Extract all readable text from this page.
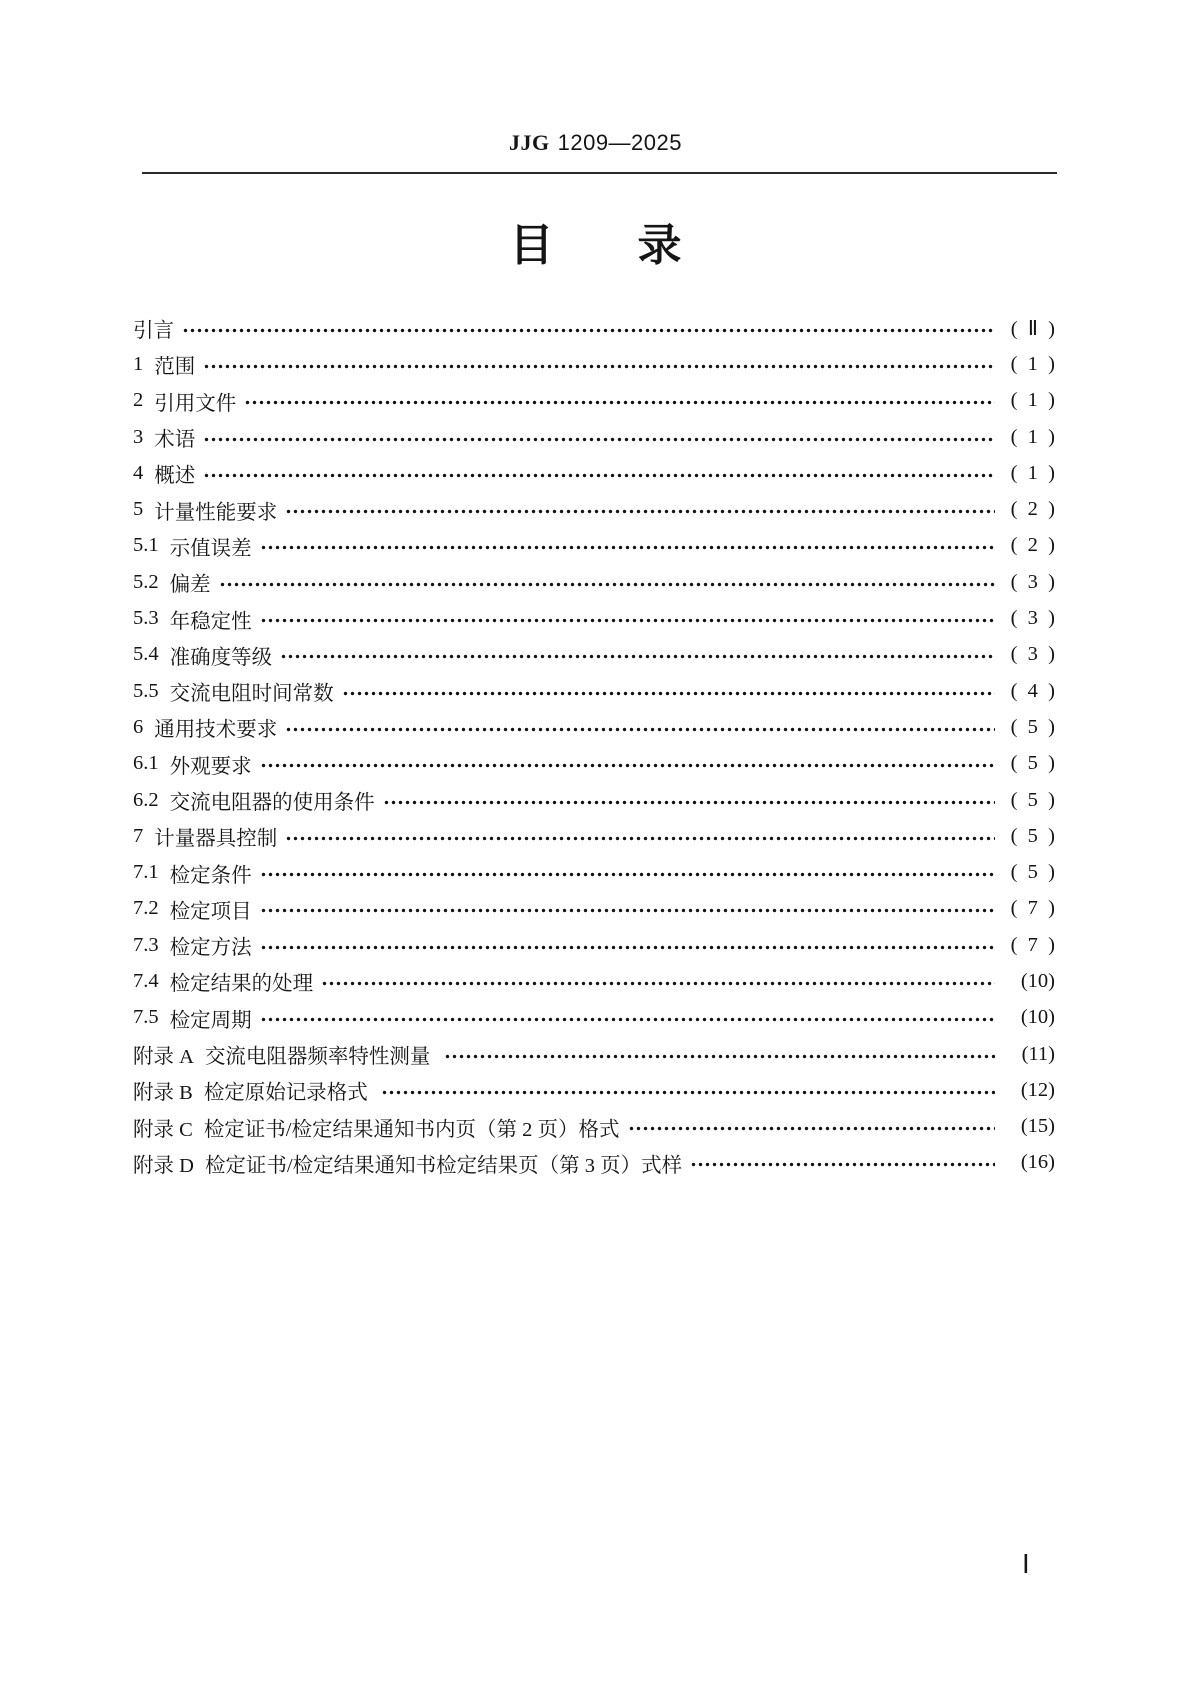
JJG 1209—2025
目 录
引言	( Ⅱ )
1 范围	( 1 )
2 引用文件	( 1 )
3 术语	( 1 )
4 概述	( 1 )
5 计量性能要求	( 2 )
5.1 示值误差	( 2 )
5.2 偏差	( 3 )
5.3 年稳定性	( 3 )
5.4 准确度等级	( 3 )
5.5 交流电阻时间常数	( 4 )
6 通用技术要求	( 5 )
6.1 外观要求	( 5 )
6.2 交流电阻器的使用条件	( 5 )
7 计量器具控制	( 5 )
7.1 检定条件	( 5 )
7.2 检定项目	( 7 )
7.3 检定方法	( 7 )
7.4 检定结果的处理	(10)
7.5 检定周期	(10)
附录 A 交流电阻器频率特性测量	(11)
附录 B 检定原始记录格式	(12)
附录 C 检定证书/检定结果通知书内页（第 2 页）格式	(15)
附录 D 检定证书/检定结果通知书检定结果页（第 3 页）式样	(16)
Ⅰ
